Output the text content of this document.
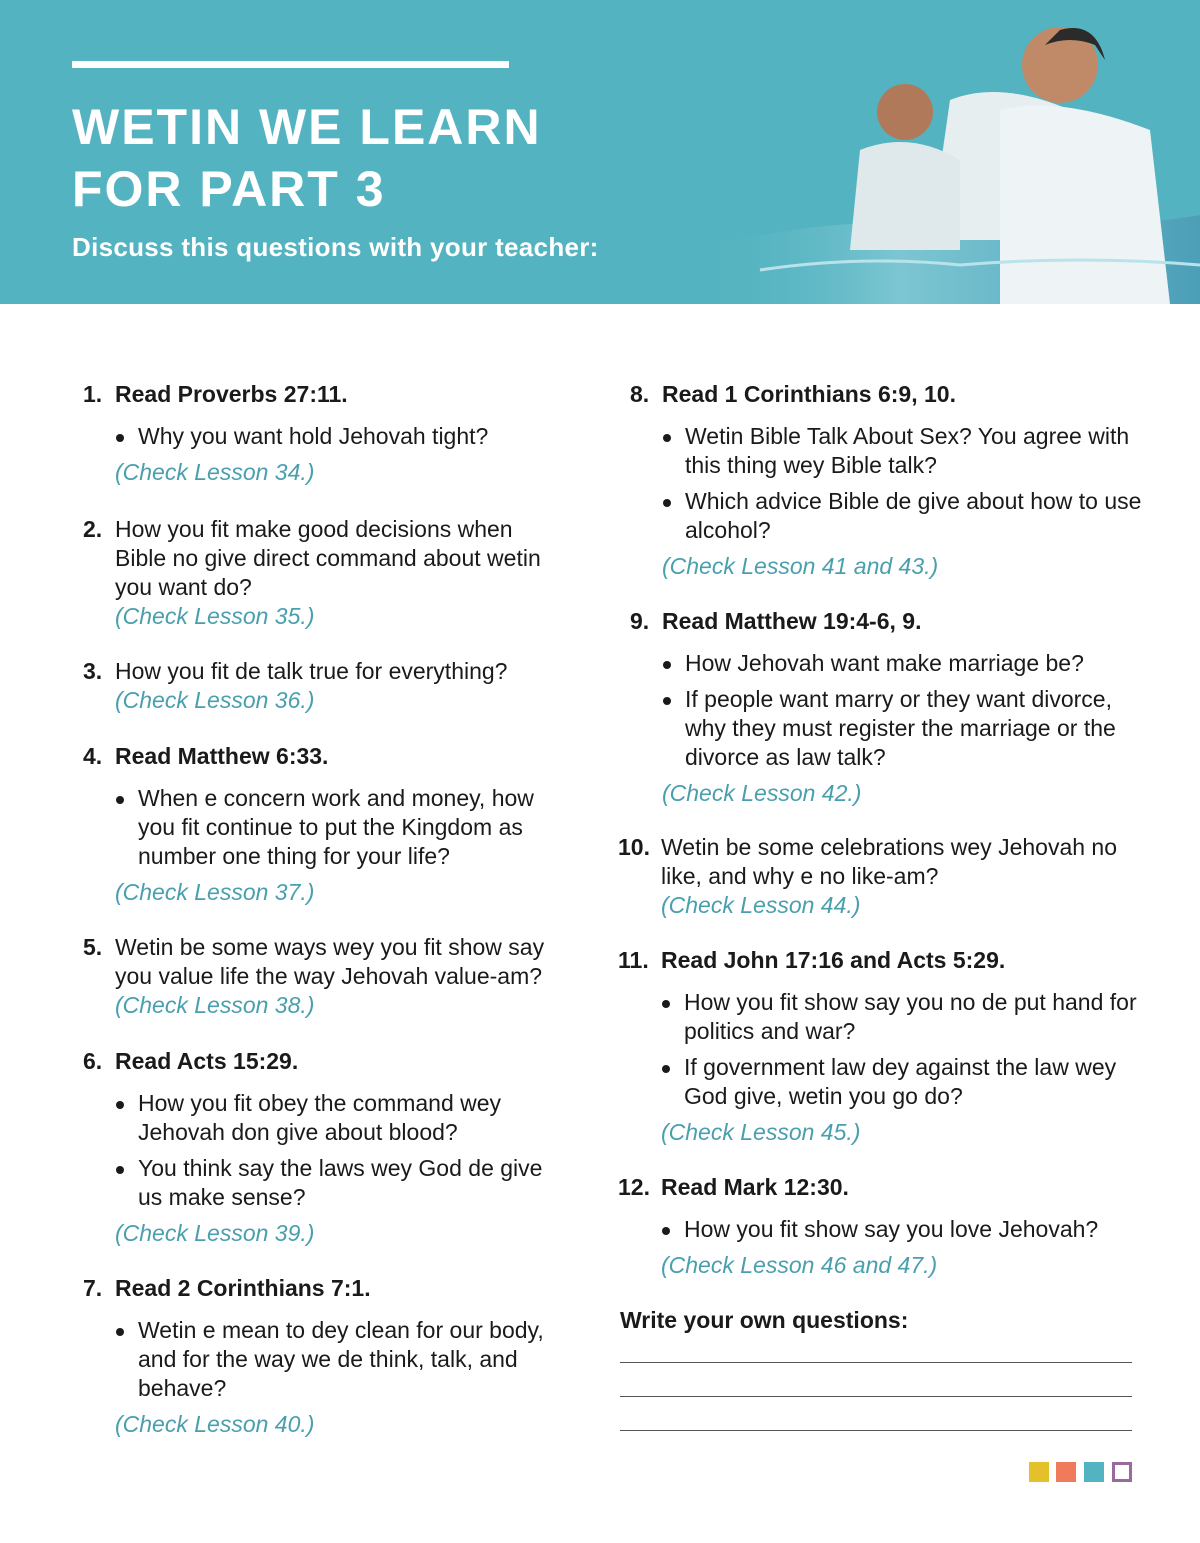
WETIN WE LEARN
FOR PART 3
Discuss this questions with your teacher:
1. Read Proverbs 27:11.
Why you want hold Jehovah tight?
(Check Lesson 34.)
2. How you fit make good decisions when Bible no give direct command about wetin you want do?
(Check Lesson 35.)
3. How you fit de talk true for everything?
(Check Lesson 36.)
4. Read Matthew 6:33.
When e concern work and money, how you fit continue to put the Kingdom as number one thing for your life?
(Check Lesson 37.)
5. Wetin be some ways wey you fit show say you value life the way Jehovah value-am?
(Check Lesson 38.)
6. Read Acts 15:29.
How you fit obey the command wey Jehovah don give about blood?
You think say the laws wey God de give us make sense?
(Check Lesson 39.)
7. Read 2 Corinthians 7:1.
Wetin e mean to dey clean for our body, and for the way we de think, talk, and behave?
(Check Lesson 40.)
8. Read 1 Corinthians 6:9, 10.
Wetin Bible Talk About Sex? You agree with this thing wey Bible talk?
Which advice Bible de give about how to use alcohol?
(Check Lesson 41 and 43.)
9. Read Matthew 19:4-6, 9.
How Jehovah want make marriage be?
If people want marry or they want divorce, why they must register the marriage or the divorce as law talk?
(Check Lesson 42.)
10. Wetin be some celebrations wey Jehovah no like, and why e no like-am?
(Check Lesson 44.)
11. Read John 17:16 and Acts 5:29.
How you fit show say you no de put hand for politics and war?
If government law dey against the law wey God give, wetin you go do?
(Check Lesson 45.)
12. Read Mark 12:30.
How you fit show say you love Jehovah?
(Check Lesson 46 and 47.)
Write your own questions:
